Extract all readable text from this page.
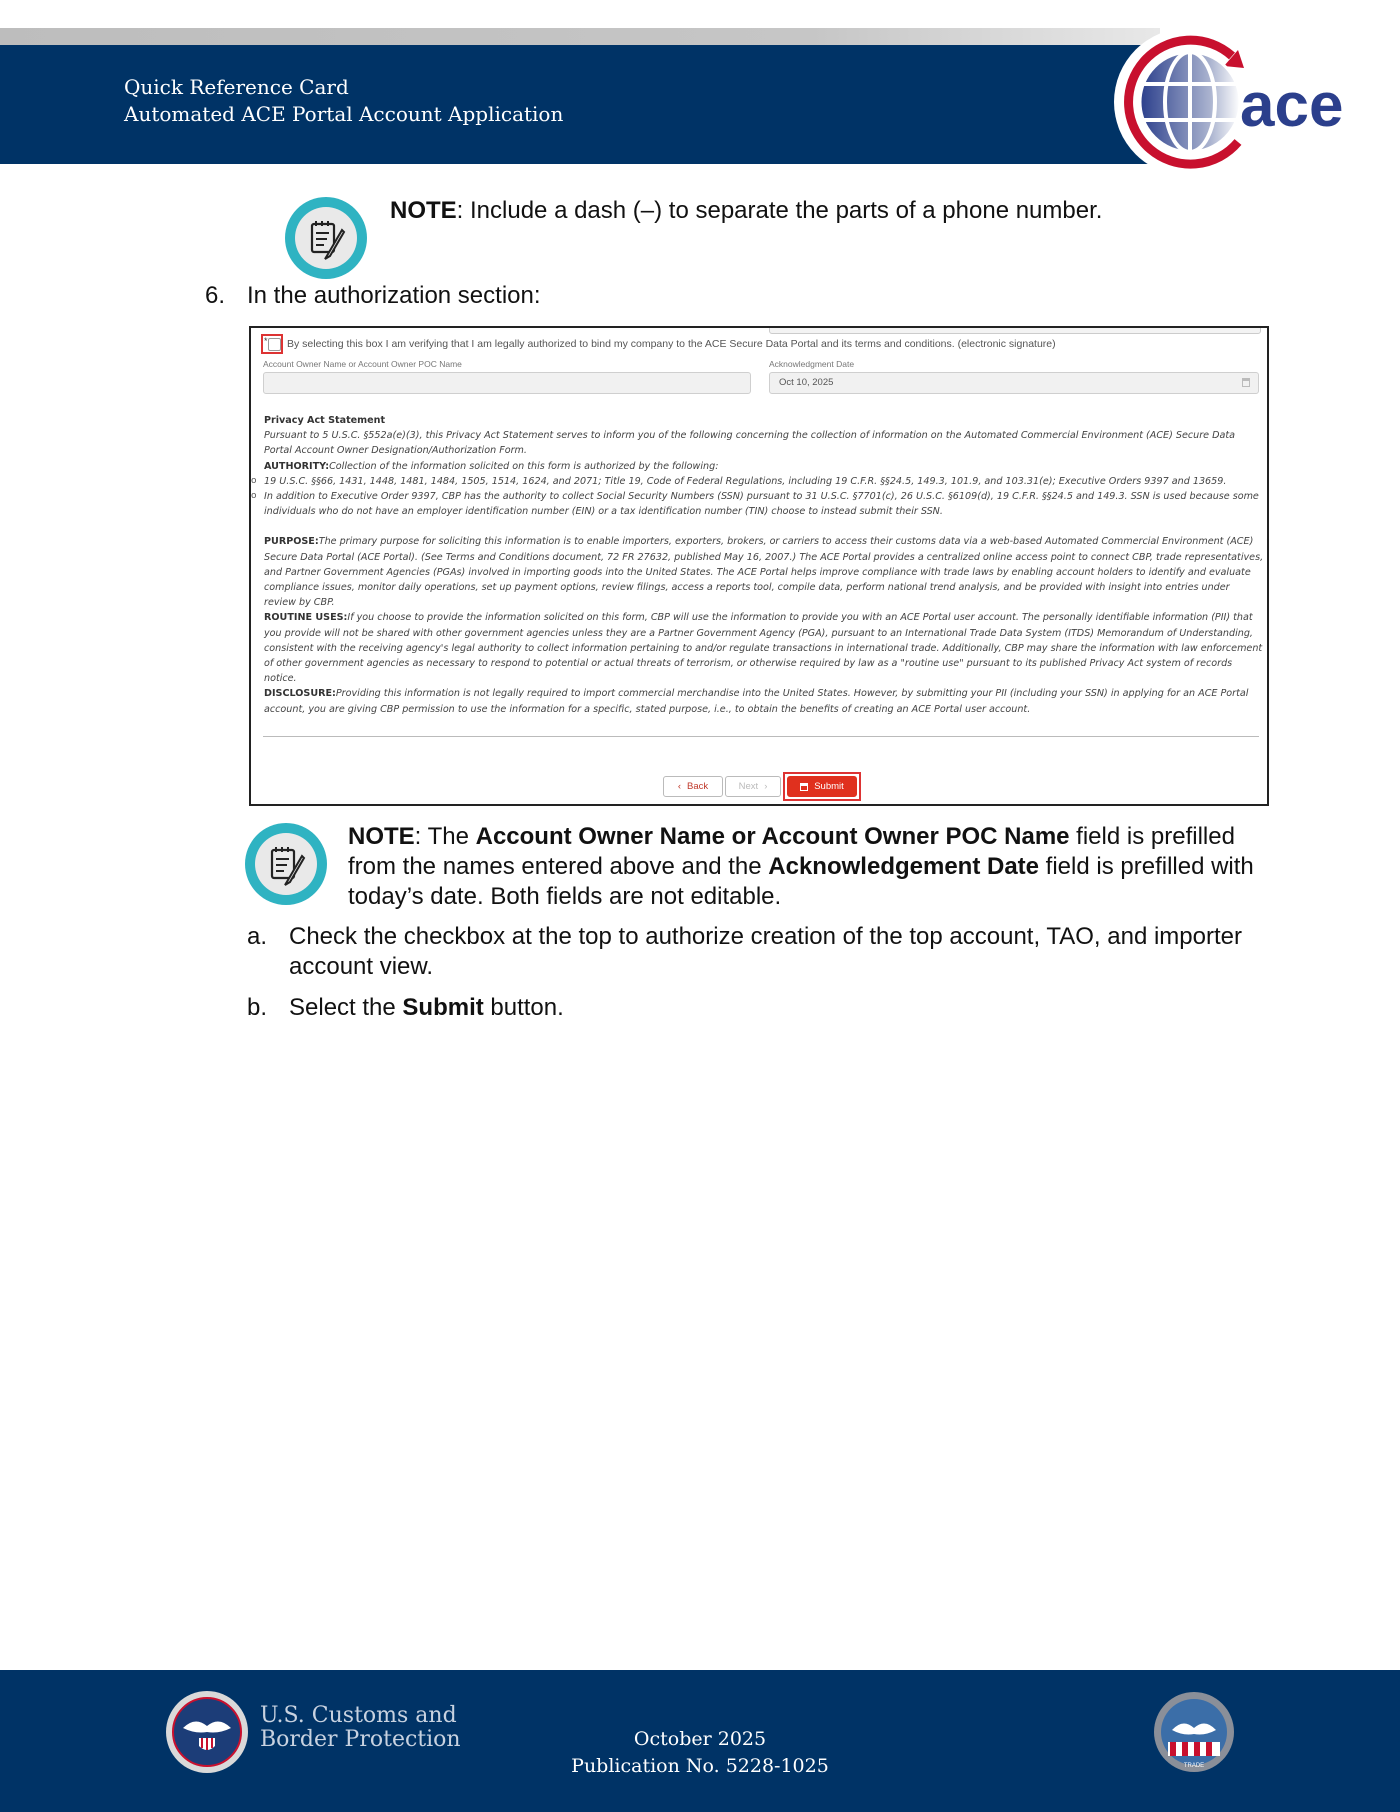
Quick Reference Card
Automated ACE Portal Account Application	ace
NOTE: Include a dash (–) to separate the parts of a phone number.
6. In the authorization section:
* By selecting this box I am verifying that I am legally authorized to bind my company to the ACE Secure Data Portal and its terms and conditions. (electronic signature)
Account Owner Name or Account Owner POC Name	Acknowledgment Date
Oct 10, 2025
Privacy Act Statement
Pursuant to 5 U.S.C. §552a(e)(3), this Privacy Act Statement serves to inform you of the following concerning the collection of information on the Automated Commercial Environment (ACE) Secure Data Portal Account Owner Designation/Authorization Form.
AUTHORITY:Collection of the information solicited on this form is authorized by the following:
o 19 U.S.C. §§66, 1431, 1448, 1481, 1484, 1505, 1514, 1624, and 2071; Title 19, Code of Federal Regulations, including 19 C.F.R. §§24.5, 149.3, 101.9, and 103.31(e); Executive Orders 9397 and 13659.
o In addition to Executive Order 9397, CBP has the authority to collect Social Security Numbers (SSN) pursuant to 31 U.S.C. §7701(c), 26 U.S.C. §6109(d), 19 C.F.R. §§24.5 and 149.3. SSN is used because some individuals who do not have an employer identification number (EIN) or a tax identification number (TIN) choose to instead submit their SSN.
PURPOSE:The primary purpose for soliciting this information is to enable importers, exporters, brokers, or carriers to access their customs data via a web-based Automated Commercial Environment (ACE) Secure Data Portal (ACE Portal). (See Terms and Conditions document, 72 FR 27632, published May 16, 2007.) The ACE Portal provides a centralized online access point to connect CBP, trade representatives, and Partner Government Agencies (PGAs) involved in importing goods into the United States. The ACE Portal helps improve compliance with trade laws by enabling account holders to identify and evaluate compliance issues, monitor daily operations, set up payment options, review filings, access a reports tool, compile data, perform national trend analysis, and be provided with insight into entries under review by CBP.
ROUTINE USES:If you choose to provide the information solicited on this form, CBP will use the information to provide you with an ACE Portal user account. The personally identifiable information (PII) that you provide will not be shared with other government agencies unless they are a Partner Government Agency (PGA), pursuant to an International Trade Data System (ITDS) Memorandum of Understanding, consistent with the receiving agency's legal authority to collect information pertaining to and/or regulate transactions in international trade. Additionally, CBP may share the information with law enforcement of other government agencies as necessary to respond to potential or actual threats of terrorism, or otherwise required by law as a "routine use" pursuant to its published Privacy Act system of records notice.
DISCLOSURE:Providing this information is not legally required to import commercial merchandise into the United States. However, by submitting your PII (including your SSN) in applying for an ACE Portal account, you are giving CBP permission to use the information for a specific, stated purpose, i.e., to obtain the benefits of creating an ACE Portal user account.
‹ Back	Next ›	Submit
NOTE: The Account Owner Name or Account Owner POC Name field is prefilled from the names entered above and the Acknowledgement Date field is prefilled with today’s date. Both fields are not editable.
a. Check the checkbox at the top to authorize creation of the top account, TAO, and importer account view.
b. Select the Submit button.
U.S. Customs and
Border Protection	October 2025
Publication No. 5228-1025	TRADE
